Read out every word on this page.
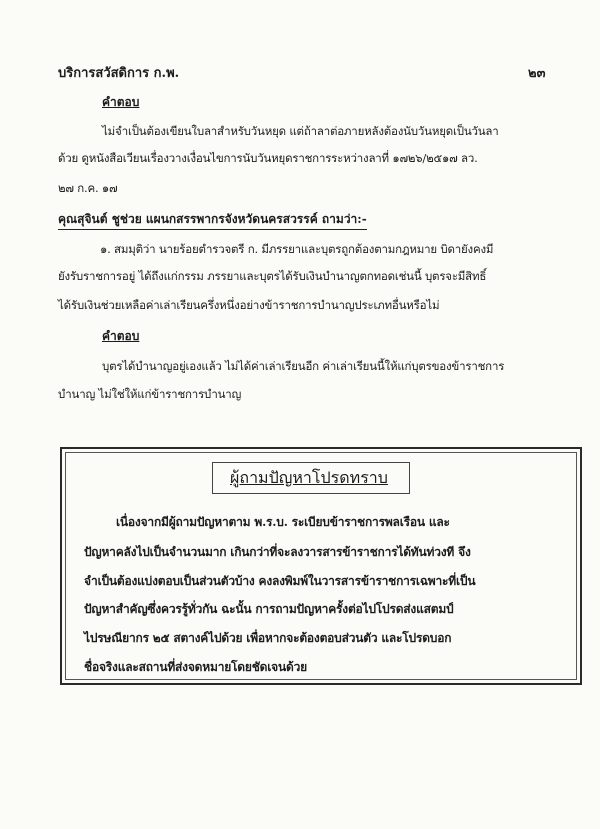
บริการสวัสดิการ ก.พ.	๒๓
คำตอบ
ไม่จำเป็นต้องเขียนใบลาสำหรับวันหยุด แต่ถ้าลาต่อภายหลังต้องนับวันหยุดเป็นวันลา
ด้วย ดูหนังสือเวียนเรื่องวางเงื่อนไขการนับวันหยุดราชการระหว่างลาที่ ๑๗๒๖/๒๕๑๗ ลว.
๒๗ ก.ค. ๑๗
คุณสุจินต์ ชูช่วย แผนกสรรพากรจังหวัดนครสวรรค์ ถามว่า:-
๑. สมมุติว่า นายร้อยตำรวจตรี ก. มีภรรยาและบุตรถูกต้องตามกฎหมาย บิดายังคงมี
ยังรับราชการอยู่ ได้ถึงแก่กรรม ภรรยาและบุตรได้รับเงินบำนาญตกทอดเช่นนี้ บุตรจะมีสิทธิ์
ได้รับเงินช่วยเหลือค่าเล่าเรียนครึ่งหนึ่งอย่างข้าราชการบำนาญประเภทอื่นหรือไม่
คำตอบ
บุตรได้บำนาญอยู่เองแล้ว ไม่ได้ค่าเล่าเรียนอีก ค่าเล่าเรียนนี้ให้แก่บุตรของข้าราชการ
บำนาญ ไม่ใช่ให้แก่ข้าราชการบำนาญ
ผู้ถามปัญหาโปรดทราบ
เนื่องจากมีผู้ถามปัญหาตาม พ.ร.บ. ระเบียบข้าราชการพลเรือน และ
ปัญหาคลังไปเป็นจำนวนมาก เกินกว่าที่จะลงวารสารข้าราชการได้ทันท่วงที จึง
จำเป็นต้องแบ่งตอบเป็นส่วนตัวบ้าง คงลงพิมพ์ในวารสารข้าราชการเฉพาะที่เป็น
ปัญหาสำคัญซึ่งควรรู้ทั่วกัน ฉะนั้น การถามปัญหาครั้งต่อไปโปรดส่งแสตมป์
ไปรษณียากร ๒๕ สตางค์ไปด้วย เพื่อหากจะต้องตอบส่วนตัว และโปรดบอก
ชื่อจริงและสถานที่ส่งจดหมายโดยชัดเจนด้วย
